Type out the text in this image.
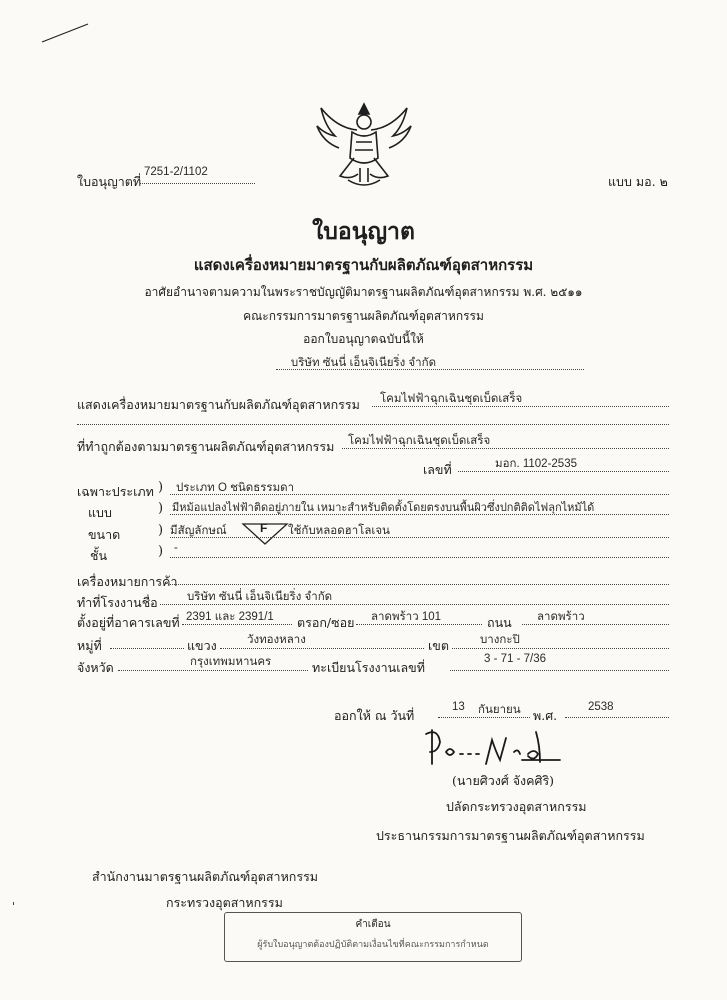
ใบอนุญาตที่
7251-2/1102
แบบ มอ. ๒
ใบอนุญาต
แสดงเครื่องหมายมาตรฐานกับผลิตภัณฑ์อุตสาหกรรม
อาศัยอำนาจตามความในพระราชบัญญัติมาตรฐานผลิตภัณฑ์อุตสาหกรรม พ.ศ. ๒๕๑๑
คณะกรรมการมาตรฐานผลิตภัณฑ์อุตสาหกรรม
ออกใบอนุญาตฉบับนี้ให้
บริษัท ซันนี่ เอ็นจิเนียริ่ง จำกัด
แสดงเครื่องหมายมาตรฐานกับผลิตภัณฑ์อุตสาหกรรม โคมไฟฟ้าฉุกเฉินชุดเบ็ดเสร็จ
ที่ทำถูกต้องตามมาตรฐานผลิตภัณฑ์อุตสาหกรรม โคมไฟฟ้าฉุกเฉินชุดเบ็ดเสร็จ
เลขที่	มอก. 1102-2535
เฉพาะประเภท ) ประเภท O ชนิดธรรมดา
แบบ	) มีหม้อแปลงไฟฟ้าติดอยู่ภายใน เหมาะสำหรับติดตั้งโดยตรงบนพื้นผิวซึ่งปกติติดไฟลุกไหม้ได้
ขนาด	) มีสัญลักษณ์	F ใช้กับหลอดฮาโลเจน
ชั้น	) -
เครื่องหมายการค้า
ทำที่โรงงานชื่อ	บริษัท ซันนี่ เอ็นจิเนียริ่ง จำกัด
ตั้งอยู่ที่อาคารเลขที่ 2391 และ 2391/1 ตรอก/ซอย ลาดพร้าว 101	ถนน ลาดพร้าว
หมู่ที่	แขวง	วังทองหลาง	เขต	บางกะปิ
จังหวัด	กรุงเทพมหานคร	ทะเบียนโรงงานเลขที่
3 - 71 - 7/36
ออกให้ ณ วันที่
13 กันยายน พ.ศ.
2538
(นายศิวงศ์ จังคศิริ)
ปลัดกระทรวงอุตสาหกรรม
ประธานกรรมการมาตรฐานผลิตภัณฑ์อุตสาหกรรม
สำนักงานมาตรฐานผลิตภัณฑ์อุตสาหกรรม
กระทรวงอุตสาหกรรม
'
คำเตือน
ผู้รับใบอนุญาตต้องปฏิบัติตามเงื่อนไขที่คณะกรรมการกำหนด
